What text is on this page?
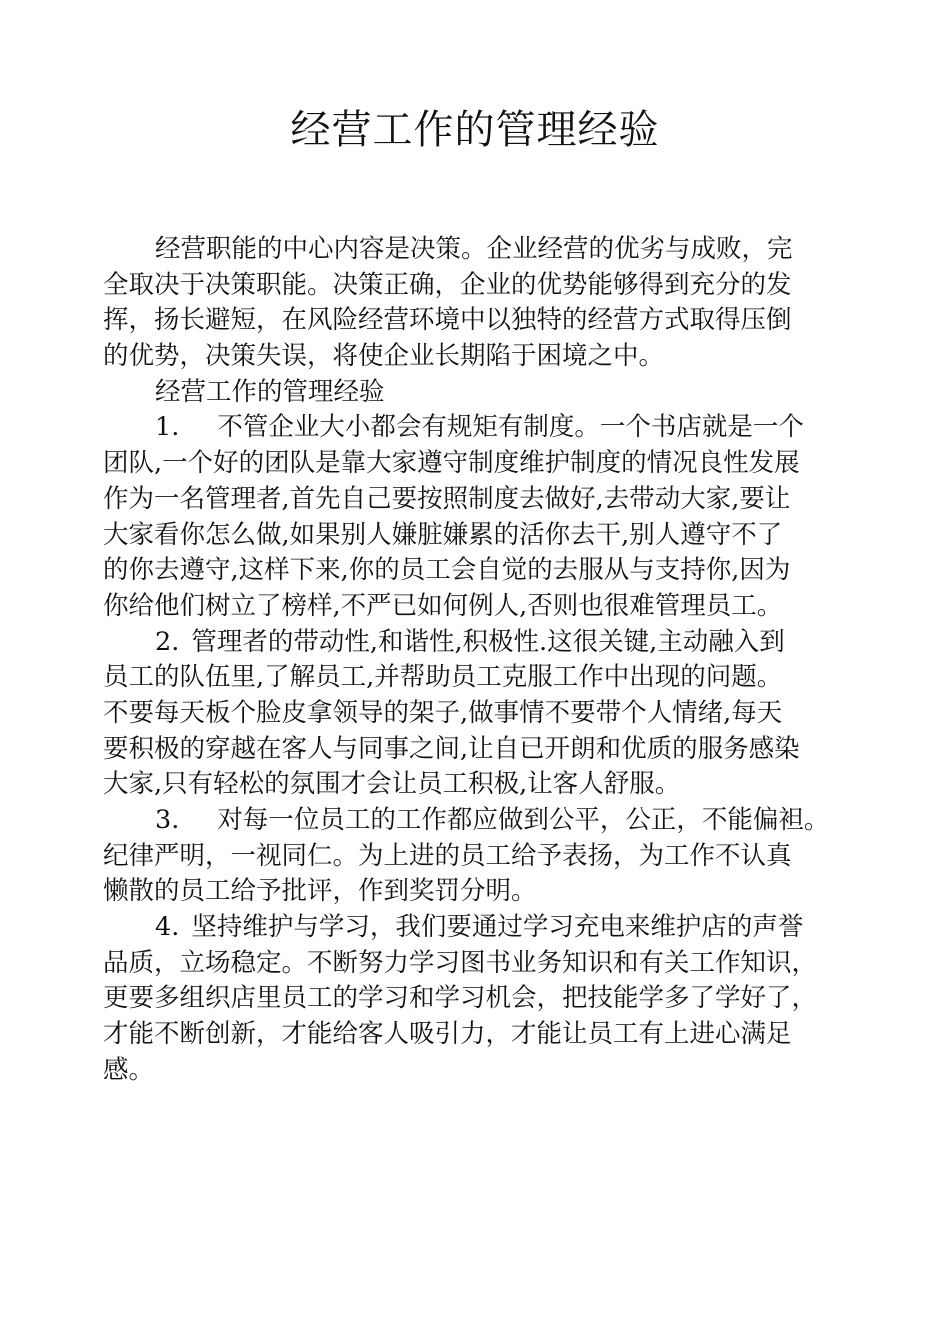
经营工作的管理经验
经营职能的中心内容是决策。企业经营的优劣与成败，完
全取决于决策职能。决策正确，企业的优势能够得到充分的发
挥，扬长避短，在风险经营环境中以独特的经营方式取得压倒
的优势，决策失误，将使企业长期陷于困境之中。
经营工作的管理经验
1. 不管企业大小都会有规矩有制度。一个书店就是一个
团队,一个好的团队是靠大家遵守制度维护制度的情况良性发展
作为一名管理者,首先自己要按照制度去做好,去带动大家,要让
大家看你怎么做,如果别人嫌脏嫌累的活你去干,别人遵守不了
的你去遵守,这样下来,你的员工会自觉的去服从与支持你,因为
你给他们树立了榜样,不严已如何例人,否则也很难管理员工。
2. 管理者的带动性,和谐性,积极性.这很关键,主动融入到
员工的队伍里,了解员工,并帮助员工克服工作中出现的问题。
不要每天板个脸皮拿领导的架子,做事情不要带个人情绪,每天
要积极的穿越在客人与同事之间,让自已开朗和优质的服务感染
大家,只有轻松的氛围才会让员工积极,让客人舒服。
3. 对每一位员工的工作都应做到公平，公正，不能偏袒。
纪律严明，一视同仁。为上进的员工给予表扬，为工作不认真
懒散的员工给予批评，作到奖罚分明。
4. 坚持维护与学习，我们要通过学习充电来维护店的声誉
品质，立场稳定。不断努力学习图书业务知识和有关工作知识，
更要多组织店里员工的学习和学习机会，把技能学多了学好了，
才能不断创新，才能给客人吸引力，才能让员工有上进心满足
感。
